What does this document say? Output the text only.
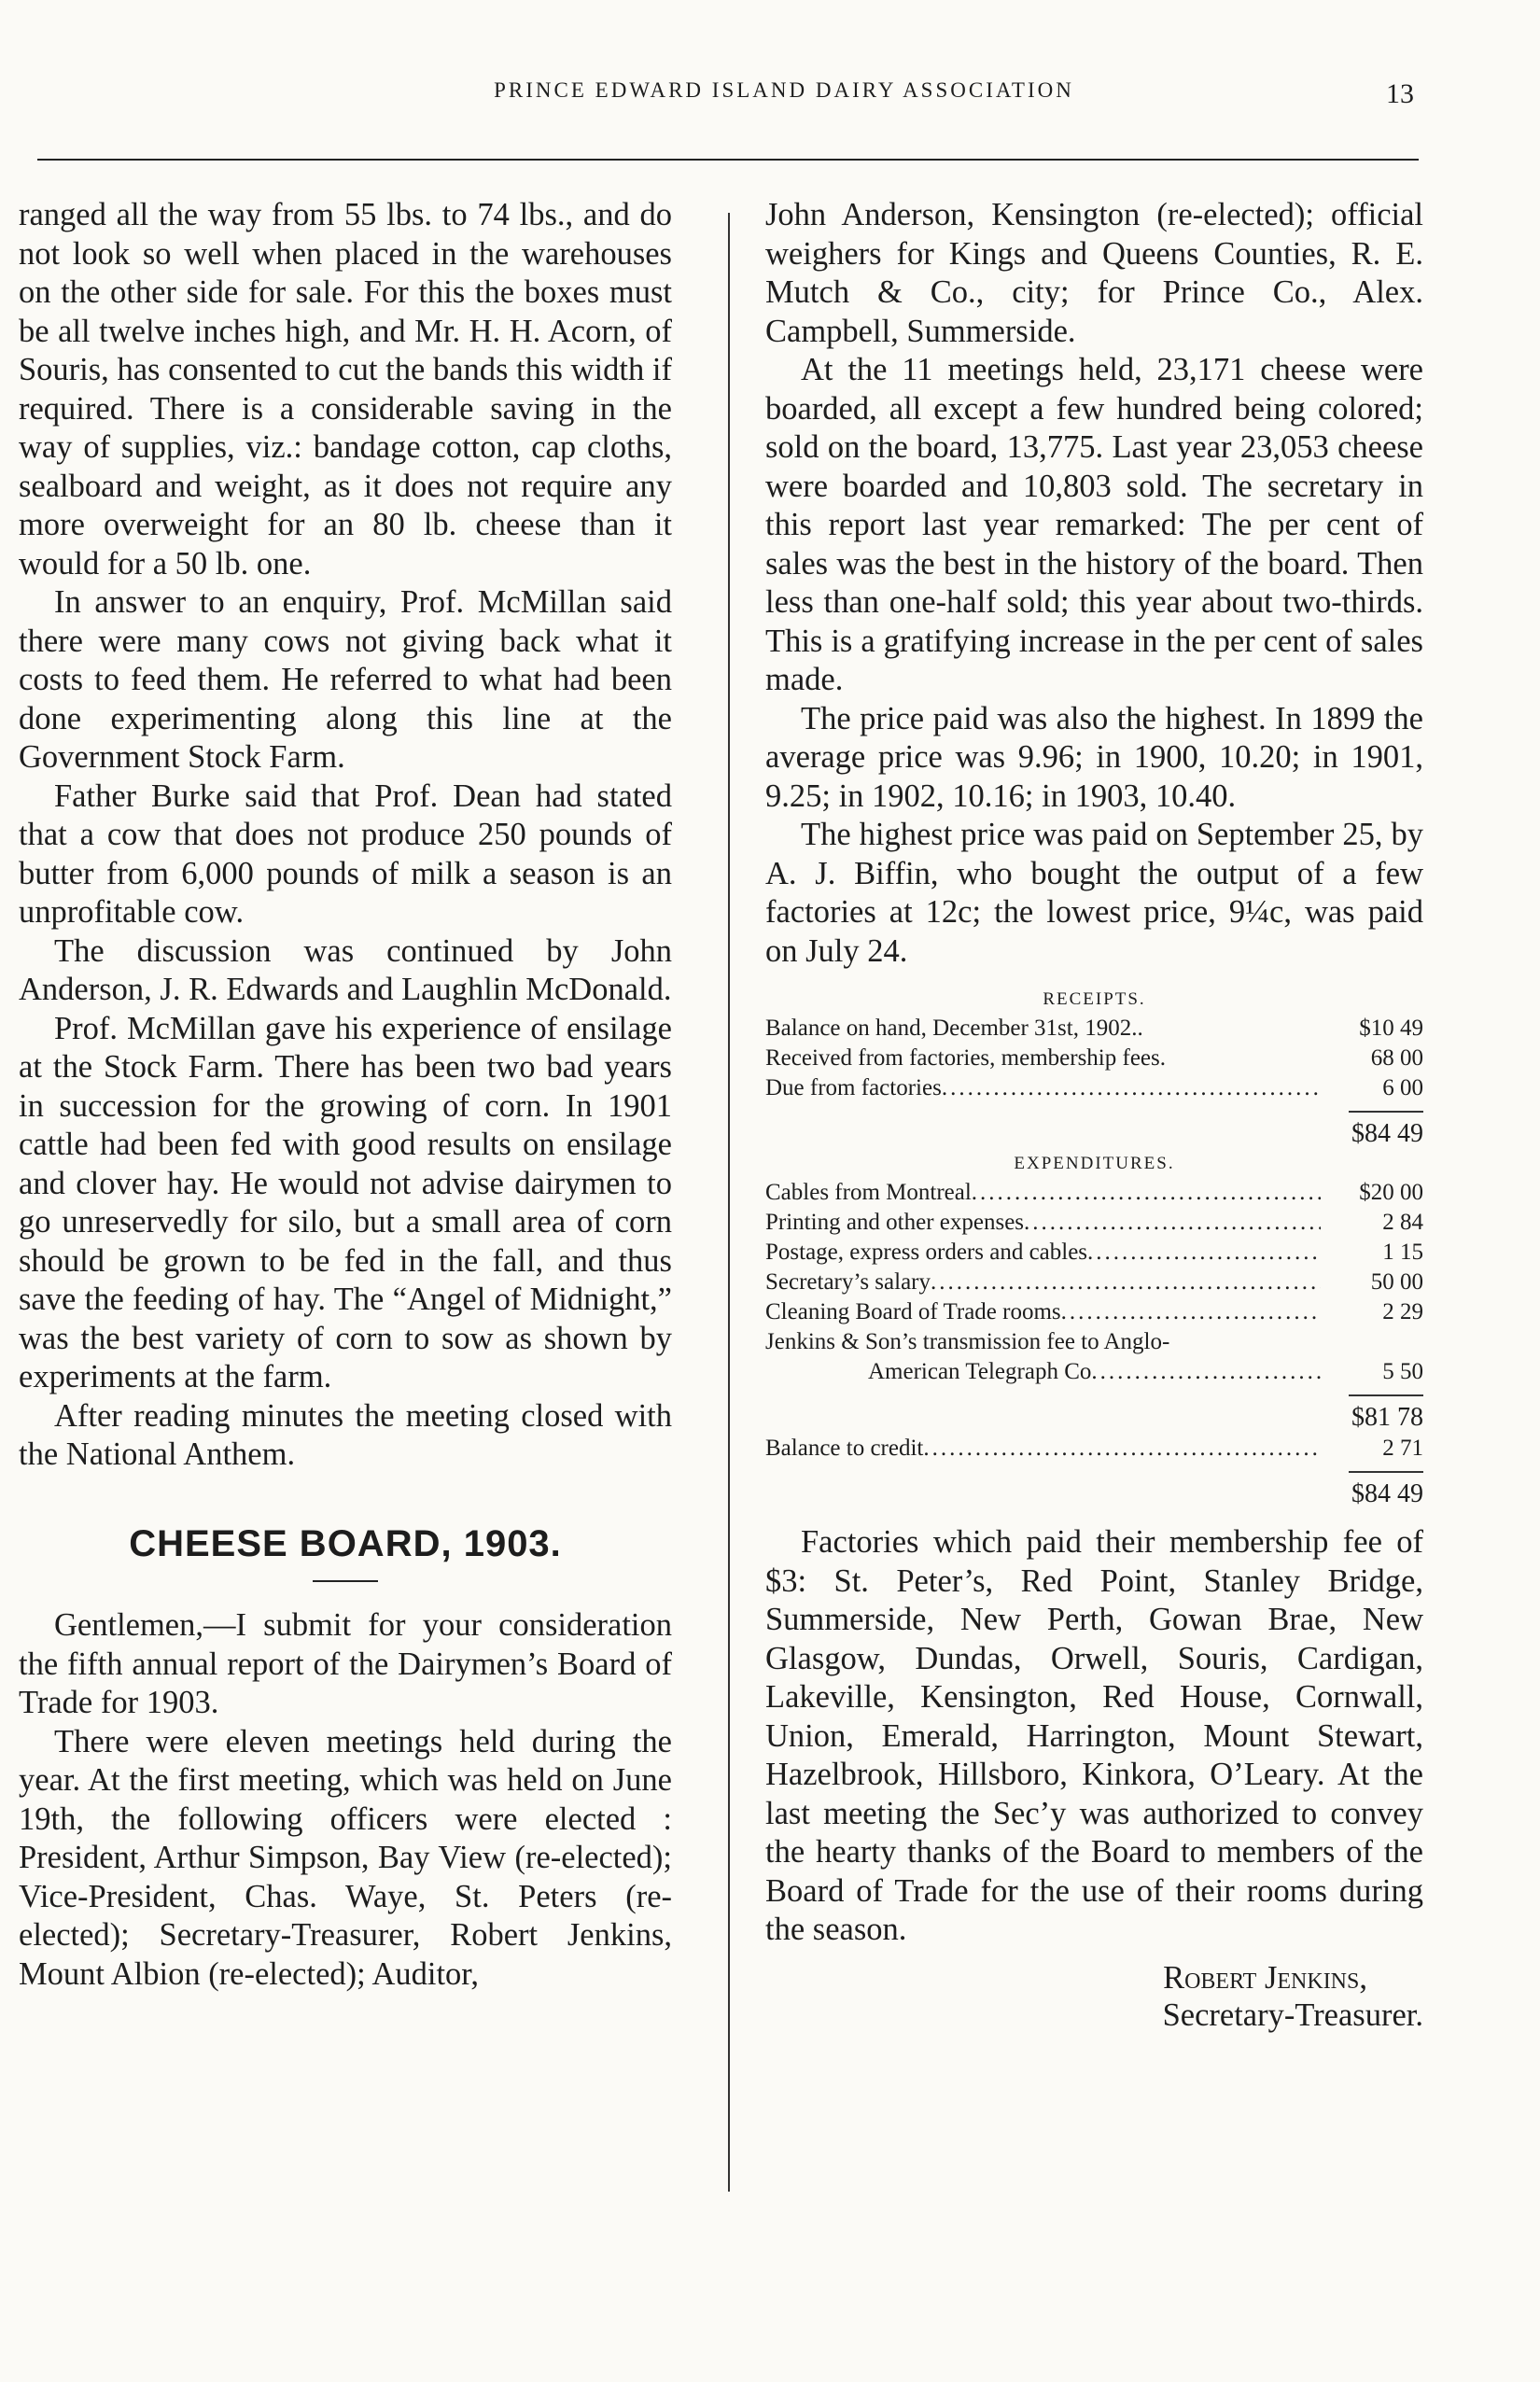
PRINCE EDWARD ISLAND DAIRY ASSOCIATION	13

ranged all the way from 55 lbs. to 74 lbs., and do not look so well when placed in the warehouses on the other side for sale. For this the boxes must be all twelve inches high, and Mr. H. H. Acorn, of Souris, has consented to cut the bands this width if required. There is a considerable saving in the way of supplies, viz.: bandage cotton, cap cloths, sealboard and weight, as it does not require any more overweight for an 80 lb. cheese than it would for a 50 lb. one.

In answer to an enquiry, Prof. McMillan said there were many cows not giving back what it costs to feed them. He referred to what had been done experimenting along this line at the Government Stock Farm.

Father Burke said that Prof. Dean had stated that a cow that does not produce 250 pounds of butter from 6,000 pounds of milk a season is an unprofitable cow.

The discussion was continued by John Anderson, J. R. Edwards and Laughlin McDonald.

Prof. McMillan gave his experience of ensilage at the Stock Farm. There has been two bad years in succession for the growing of corn. In 1901 cattle had been fed with good results on ensilage and clover hay. He would not advise dairymen to go unreservedly for silo, but a small area of corn should be grown to be fed in the fall, and thus save the feeding of hay. The “Angel of Midnight,” was the best variety of corn to sow as shown by experiments at the farm.

After reading minutes the meeting closed with the National Anthem.

CHEESE BOARD, 1903.

Gentlemen,—I submit for your consideration the fifth annual report of the Dairymen’s Board of Trade for 1903.

There were eleven meetings held during the year. At the first meeting, which was held on June 19th, the following officers were elected : President, Arthur Simpson, Bay View (re-elected); Vice-President, Chas. Waye, St. Peters (re-elected); Secretary-Treasurer, Robert Jenkins, Mount Albion (re-elected); Auditor,

John Anderson, Kensington (re-elected); official weighers for Kings and Queens Counties, R. E. Mutch & Co., city; for Prince Co., Alex. Campbell, Summerside.

At the 11 meetings held, 23,171 cheese were boarded, all except a few hundred being colored; sold on the board, 13,775. Last year 23,053 cheese were boarded and 10,803 sold. The secretary in this report last year remarked: The per cent of sales was the best in the history of the board. Then less than one-half sold; this year about two-thirds. This is a gratifying increase in the per cent of sales made.

The price paid was also the highest. In 1899 the average price was 9.96; in 1900, 10.20; in 1901, 9.25; in 1902, 10.16; in 1903, 10.40.

The highest price was paid on September 25, by A. J. Biffin, who bought the output of a few factories at 12c; the lowest price, 9¼c, was paid on July 24.

RECEIPTS.
Balance on hand, December 31st, 1902..	$10 49
Received from factories, membership fees.	68 00
Due from factories .....	6 00
$84 49
EXPENDITURES.
Cables from Montreal .....	$20 00
Printing and other expenses .....	2 84
Postage, express orders and cables .....	1 15
Secretary’s salary .....	50 00
Cleaning Board of Trade rooms .....	2 29
Jenkins & Son’s transmission fee to Anglo-
American Telegraph Co .....	5 50
$81 78
Balance to credit .....	2 71
$84 49

Factories which paid their membership fee of $3: St. Peter’s, Red Point, Stanley Bridge, Summerside, New Perth, Gowan Brae, New Glasgow, Dundas, Orwell, Souris, Cardigan, Lakeville, Kensington, Red House, Cornwall, Union, Emerald, Harrington, Mount Stewart, Hazelbrook, Hillsboro, Kinkora, O’Leary. At the last meeting the Sec’y was authorized to convey the hearty thanks of the Board to members of the Board of Trade for the use of their rooms during the season.

Robert Jenkins,
Secretary-Treasurer.
